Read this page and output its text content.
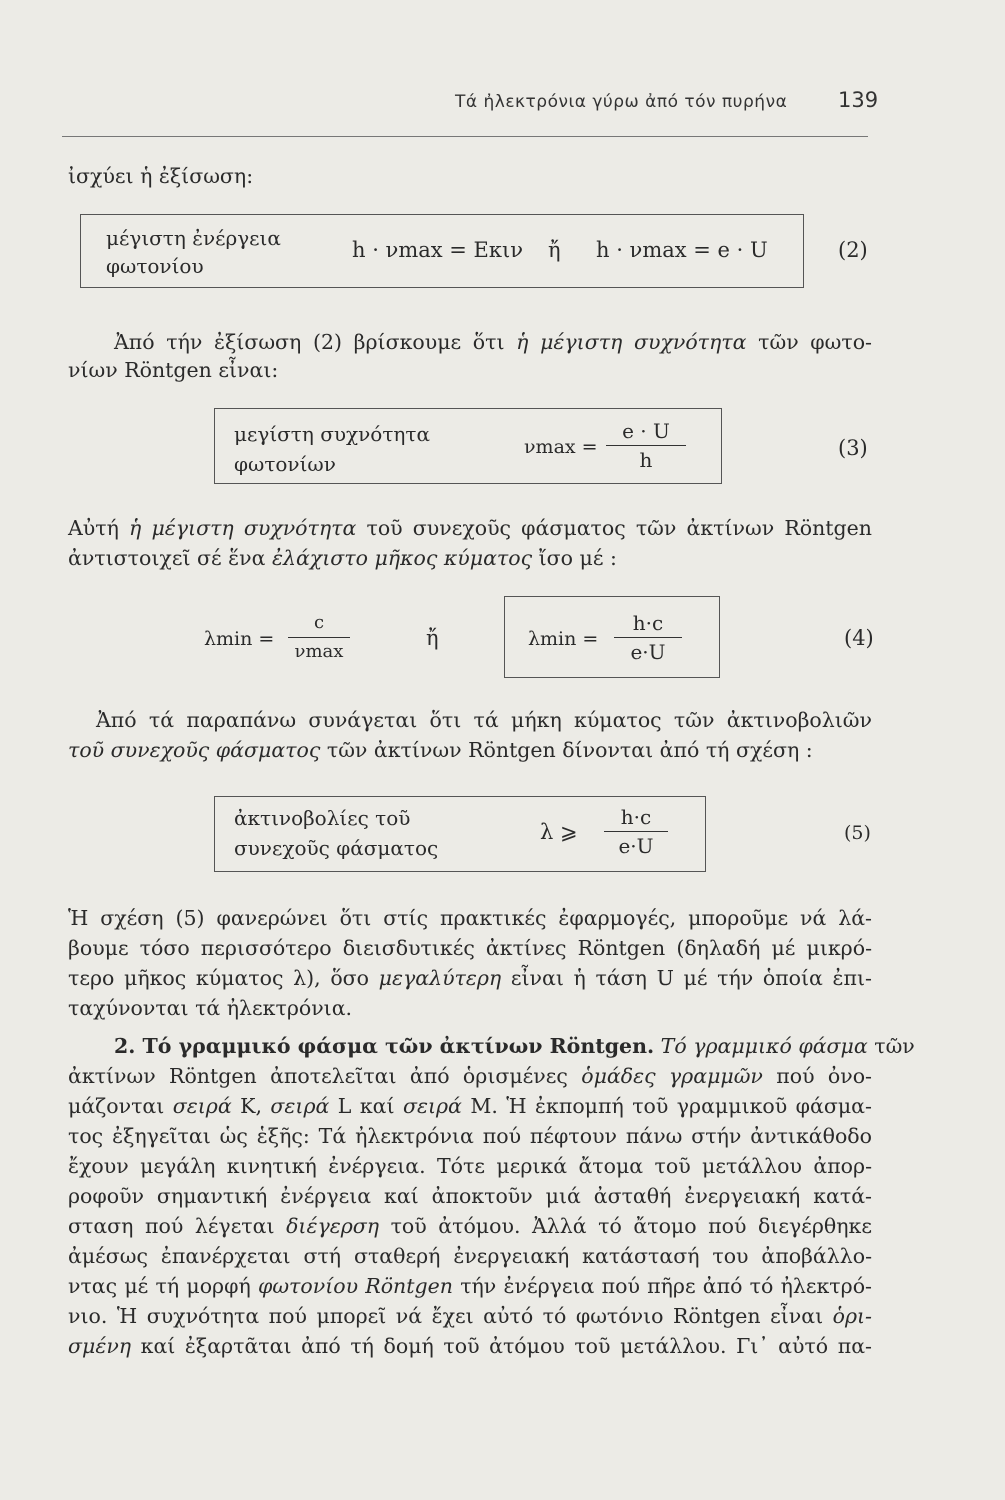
Τά ἠλεκτρόνια γύρω ἀπό τόν πυρήνα 139
ἰσχύει ἡ ἐξίσωση:
μέγιστη ἐνέργεια
φωτονίου
h · νmax = Eκιν ἤ h · νmax = e · U	(2)
Ἀπό τήν ἐξίσωση (2) βρίσκουμε ὅτι ἡ μέγιστη συχνότητα τῶν φωτο-
νίων Röntgen εἶναι:
μεγίστη συχνότητα
φωτονίων
νmax =
e · U
h	(3)
Αὐτή ἡ μέγιστη συχνότητα τοῦ συνεχοῦς φάσματος τῶν ἀκτίνων Röntgen
ἀντιστοιχεῖ σέ ἕνα ἐλάχιστο μῆκος κύματος ἴσο μέ :
λmin =
c
νmax
ἤ	λmin =
h·c
e·U
(4)
Ἀπό τά παραπάνω συνάγεται ὅτι τά μήκη κύματος τῶν ἀκτινοβολιῶν
τοῦ συνεχοῦς φάσματος τῶν ἀκτίνων Röntgen δίνονται ἀπό τή σχέση :
ἀκτινοβολίες τοῦ
συνεχοῦς φάσματος
λ ⩾
h·c
e·U
(5)
Ἡ σχέση (5) φανερώνει ὅτι στίς πρακτικές ἐφαρμογές, μποροῦμε νά λά-
βουμε τόσο περισσότερο διεισδυτικές ἀκτίνες Röntgen (δηλαδή μέ μικρό-
τερο μῆκος κύματος λ), ὅσο μεγαλύτερη εἶναι ἡ τάση U μέ τήν ὁποία ἐπι-
ταχύνονται τά ἠλεκτρόνια.
2. Τό γραμμικό φάσμα τῶν ἀκτίνων Röntgen. Τό γραμμικό φάσμα τῶν
ἀκτίνων Röntgen ἀποτελεῖται ἀπό ὁρισμένες ὁμάδες γραμμῶν πού ὀνο-
μάζονται σειρά K, σειρά L καί σειρά M. Ἡ ἐκπομπή τοῦ γραμμικοῦ φάσμα-
τος ἐξηγεῖται ὡς ἑξῆς: Τά ἠλεκτρόνια πού πέφτουν πάνω στήν ἀντικάθοδο
ἔχουν μεγάλη κινητική ἐνέργεια. Τότε μερικά ἄτομα τοῦ μετάλλου ἀπορ-
ροφοῦν σημαντική ἐνέργεια καί ἀποκτοῦν μιά ἀσταθή ἐνεργειακή κατά-
σταση πού λέγεται διέγερση τοῦ ἀτόμου. Ἀλλά τό ἄτομο πού διεγέρθηκε
ἀμέσως ἐπανέρχεται στή σταθερή ἐνεργειακή κατάστασή του ἀποβάλλο-
ντας μέ τή μορφή φωτονίου Röntgen τήν ἐνέργεια πού πῆρε ἀπό τό ἠλεκτρό-
νιο. Ἡ συχνότητα πού μπορεῖ νά ἔχει αὐτό τό φωτόνιο Röntgen εἶναι ὁρι-
σμένη καί ἐξαρτᾶται ἀπό τή δομή τοῦ ἀτόμου τοῦ μετάλλου. Γι᾽ αὐτό πα-
